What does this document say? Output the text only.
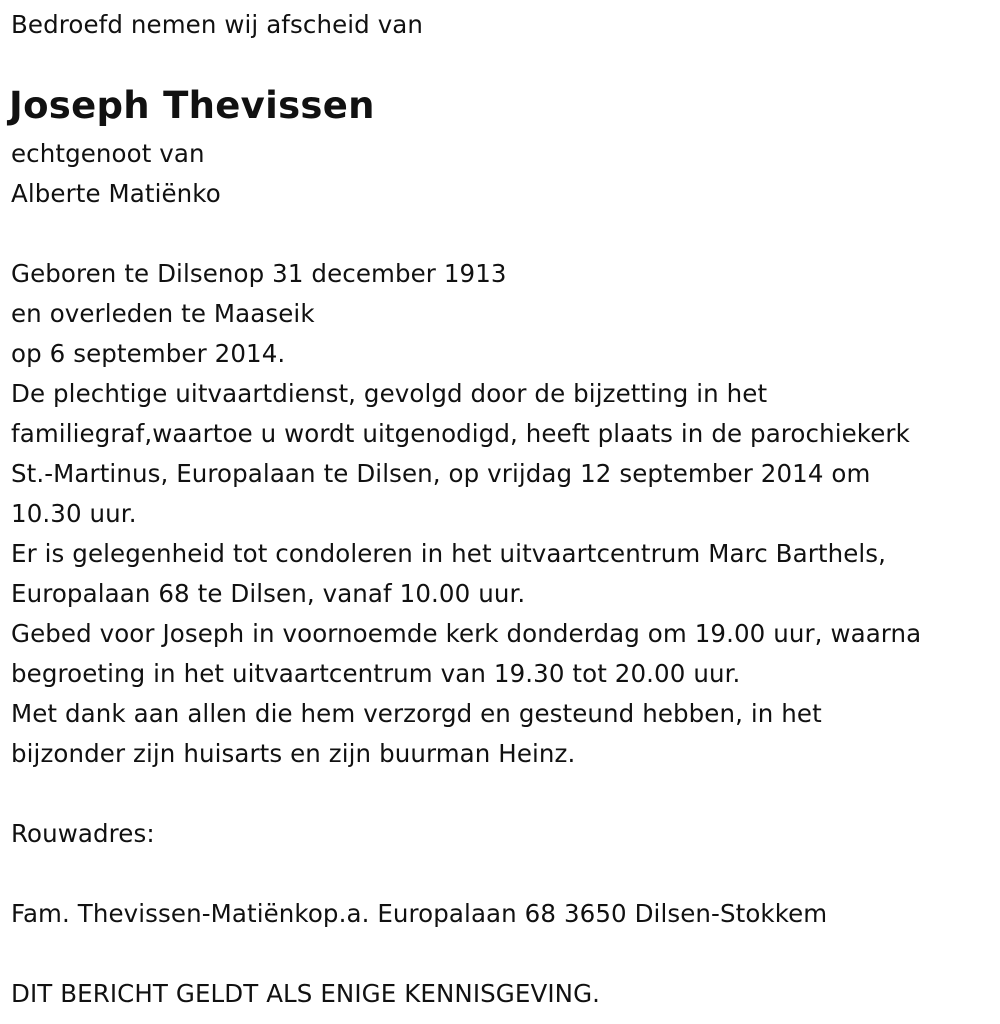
Bedroefd nemen wij afscheid van
Joseph Thevissen
echtgenoot van
Alberte Matiënko
Geboren te Dilsenop 31 december 1913
en overleden te Maaseik
op 6 september 2014.
De plechtige uitvaartdienst, gevolgd door de bijzetting in het
familiegraf,waartoe u wordt uitgenodigd, heeft plaats in de parochiekerk
St.-Martinus, Europalaan te Dilsen, op vrijdag 12 september 2014 om
10.30 uur.
Er is gelegenheid tot condoleren in het uitvaartcentrum Marc Barthels,
Europalaan 68 te Dilsen, vanaf 10.00 uur.
Gebed voor Joseph in voornoemde kerk donderdag om 19.00 uur, waarna
begroeting in het uitvaartcentrum van 19.30 tot 20.00 uur.
Met dank aan allen die hem verzorgd en gesteund hebben, in het
bijzonder zijn huisarts en zijn buurman Heinz.
Rouwadres:
Fam. Thevissen-Matiënkop.a. Europalaan 68 3650 Dilsen-Stokkem
DIT BERICHT GELDT ALS ENIGE KENNISGEVING.
